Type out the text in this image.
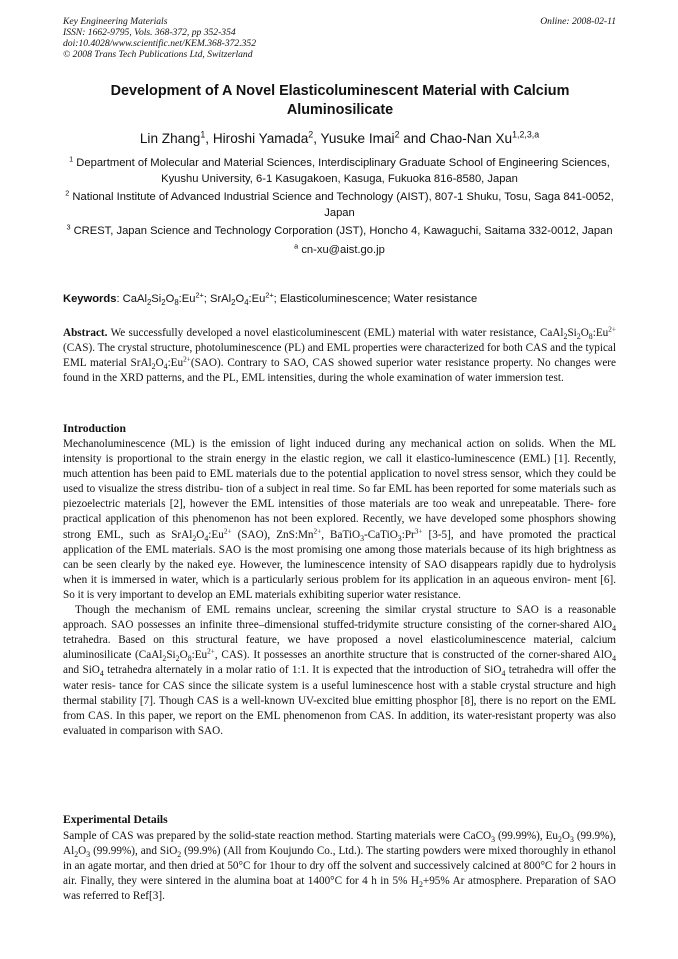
Key Engineering Materials
ISSN: 1662-9795, Vols. 368-372, pp 352-354
doi:10.4028/www.scientific.net/KEM.368-372.352
© 2008 Trans Tech Publications Ltd, Switzerland
Online: 2008-02-11
Development of A Novel Elasticoluminescent Material with Calcium Aluminosilicate
Lin Zhang$^1$, Hiroshi Yamada$^2$, Yusuke Imai$^2$ and Chao-Nan Xu$^{1,2,3,a}$

$^1$ Department of Molecular and Material Sciences, Interdisciplinary Graduate School of Engineering Sciences, Kyushu University, 6-1 Kasugakoen, Kasuga, Fukuoka 816-8580, Japan

$^2$ National Institute of Advanced Industrial Science and Technology (AIST), 807-1 Shuku, Tosu, Saga 841-0052, Japan

$^3$ CREST, Japan Science and Technology Corporation (JST), Honcho 4, Kawaguchi, Saitama 332-0012, Japan

$^a$ cn-xu@aist.go.jp

Keywords: $CaAl_2Si_2O_8:Eu^{2+}$; $SrAl_2O_4:Eu^{2+}$; Elasticoluminescence; Water resistance

Abstract. We successfully developed a novel elasticoluminescent (EML) material with water resistance, $CaAl_2Si_2O_8:Eu^{2+}$ (CAS). The crystal structure, photoluminescence (PL) and EML properties were characterized for both CAS and the typical EML material $SrAl_2O_4:Eu^{2+}(SAO)$. Contrary to SAO, CAS showed superior water resistance property. No changes were found in the XRD patterns, and the PL, EML intensities, during the whole examination of water immersion test.

Introduction

Mechanoluminescence (ML) is the emission of light induced during any mechanical action on solids. When the ML intensity is proportional to the strain energy in the elastic region, we call it elastico-luminescence (EML) [1]. Recently, much attention has been paid to EML materials due to the potential application to novel stress sensor, which they could be used to visualize the stress distribu- tion of a subject in real time. So far EML has been reported for some materials such as piezoelectric materials [2], however the EML intensities of those materials are too weak and unrepeatable. There- fore practical application of this phenomenon has not been explored. Recently, we have developed some phosphors showing strong EML, such as $SrAl_2O_4:Eu^{2+}$ (SAO), $ZnS:Mn^{2+}$, $BaTiO_3-CaTiO_3:Pr^{3+}$ [3-5], and have promoted the practical application of the EML materials. SAO is the most promising one among those materials because of its high brightness as can be seen clearly by the naked eye. However, the luminescence intensity of SAO disappears rapidly due to hydrolysis when it is immersed in water, which is a particularly serious problem for its application in an aqueous environ- ment [6]. So it is very important to develop an EML materials exhibiting superior water resistance.

Though the mechanism of EML remains unclear, screening the similar crystal structure to SAO is a reasonable approach. SAO possesses an infinite three–dimensional stuffed-tridymite structure consisting of the corner-shared AlO$_4$ tetrahedra. Based on this structural feature, we have proposed a novel elasticoluminescence material, calcium aluminosilicate ($CaAl_2Si_2O_8:Eu^{2+}$, CAS). It possesses an anorthite structure that is constructed of the corner-shared AlO$_4$ and SiO$_4$ tetrahedra alternately in a molar ratio of 1:1. It is expected that the introduction of SiO$_4$ tetrahedra will offer the water resis- tance for CAS since the silicate system is a useful luminescence host with a stable crystal structure and high thermal stability [7]. Though CAS is a well-known UV-excited blue emitting phosphor [8], there is no report on the EML from CAS. In this paper, we report on the EML phenomenon from CAS. In addition, its water-resistant property was also evaluated in comparison with SAO.

Experimental Details

Sample of CAS was prepared by the solid-state reaction method. Starting materials were CaCO$_3$ (99.99%), $Eu_2O_3$ (99.9%), $Al_2O_3$ (99.99%), and SiO$_2$ (99.9%) (All from Koujundo Co., Ltd.). The starting powders were mixed thoroughly in ethanol in an agate mortar, and then dried at 50°C for 1hour to dry off the solvent and successively calcined at 800°C for 2 hours in air. Finally, they were sintered in the alumina boat at 1400°C for 4 h in 5% $H_2+95\%$ Ar atmosphere. Preparation of SAO was referred to Ref[3].
